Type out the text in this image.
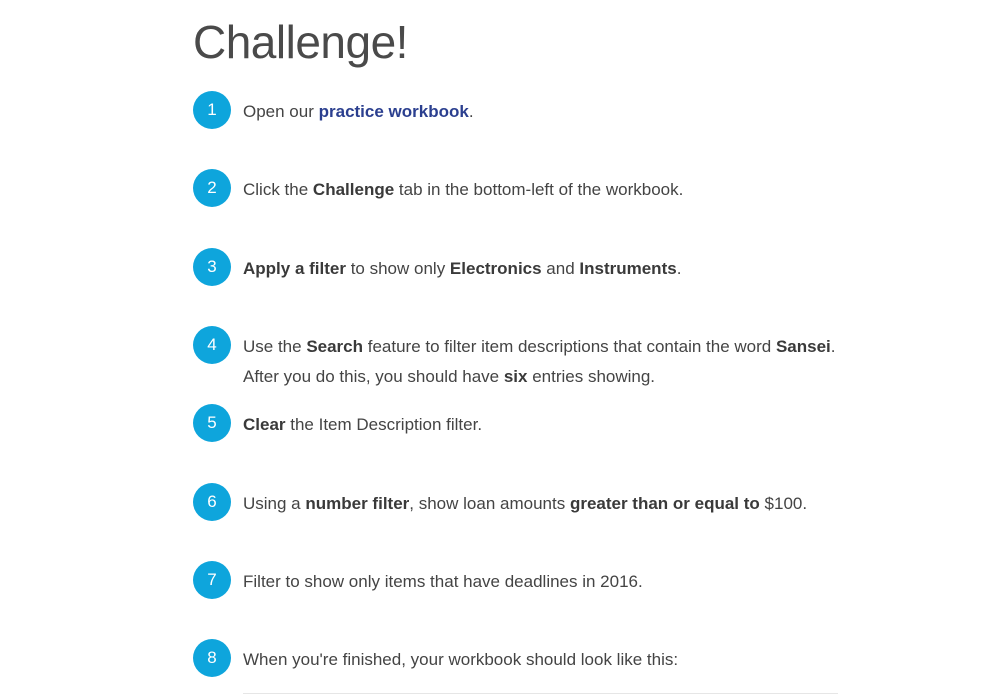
Challenge!
1	Open our practice workbook.

2	Click the Challenge tab in the bottom-left of the workbook.

3	Apply a filter to show only Electronics and Instruments.

4	Use the Search feature to filter item descriptions that contain the word Sansei. After you do this, you should have six entries showing.

5	Clear the Item Description filter.

6	Using a number filter, show loan amounts greater than or equal to $100.

7	Filter to show only items that have deadlines in 2016.

8	When you're finished, your workbook should look like this:
